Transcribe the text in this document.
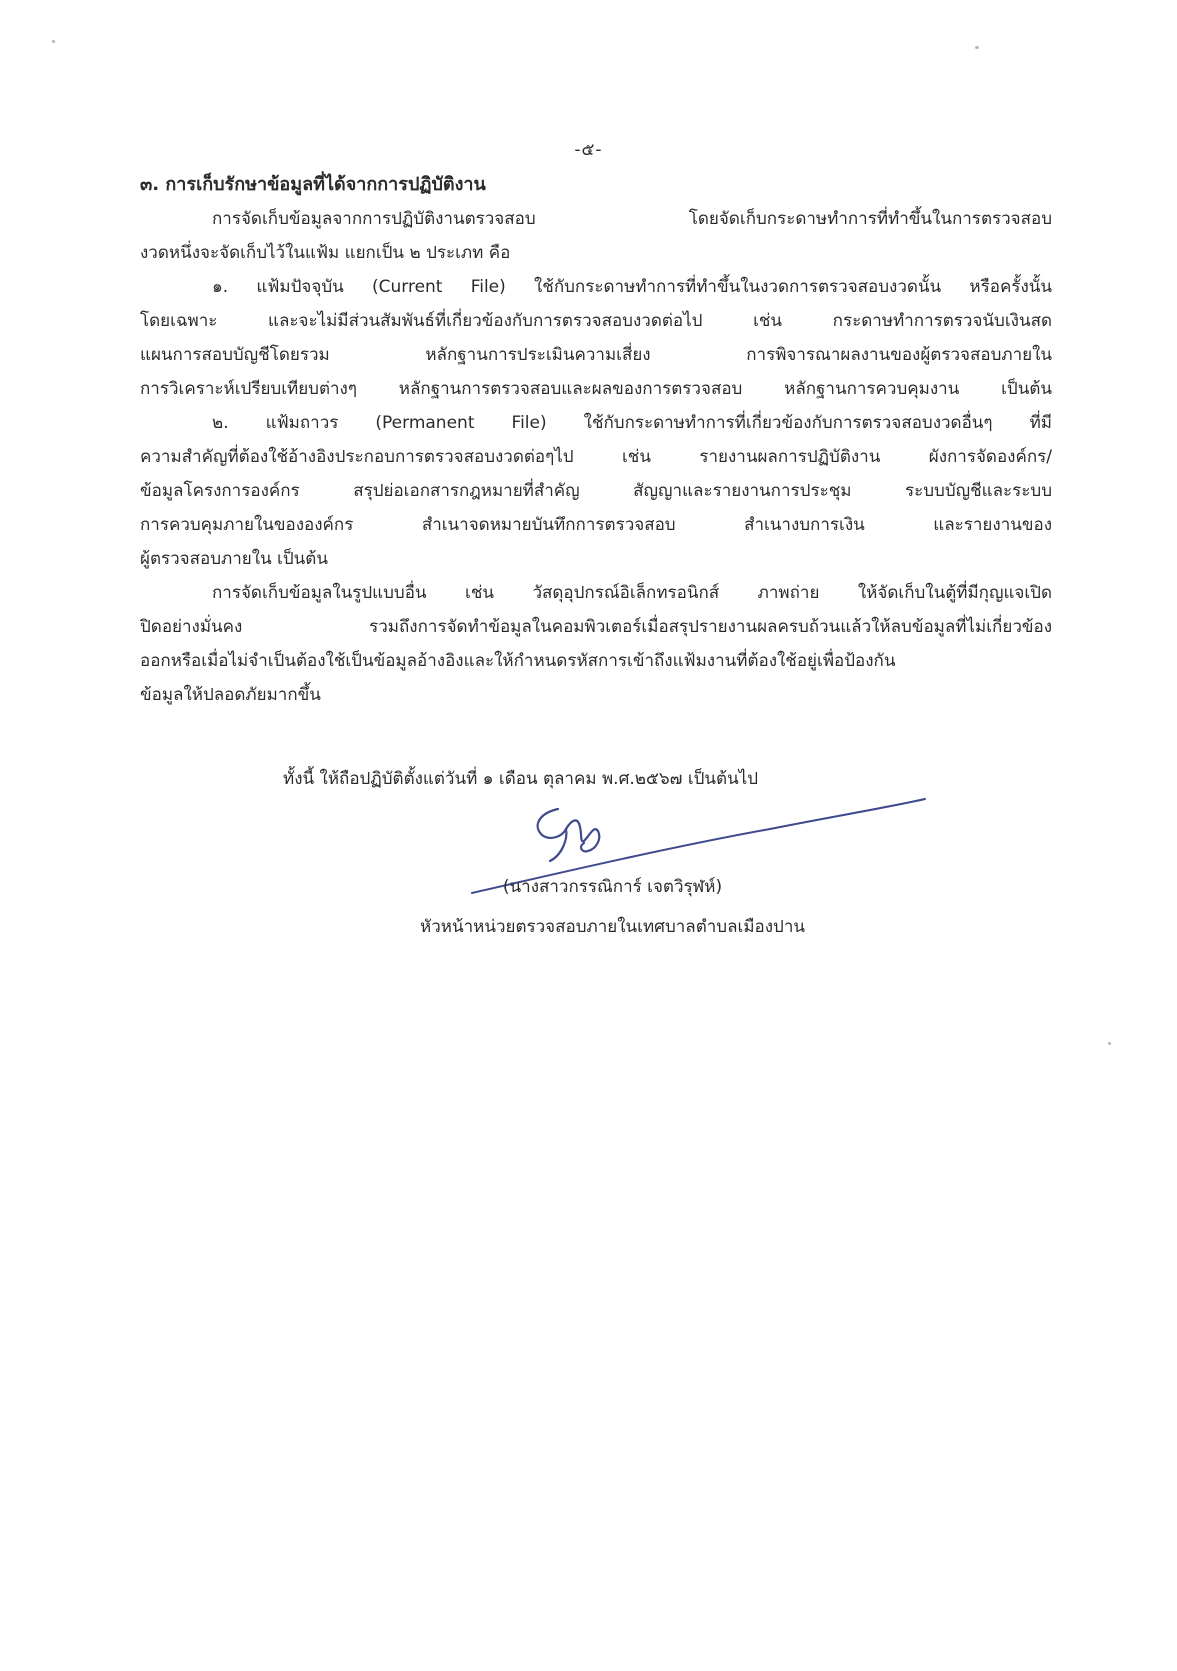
-๕-
๓. การเก็บรักษาข้อมูลที่ได้จากการปฏิบัติงาน
การจัดเก็บข้อมูลจากการปฏิบัติงานตรวจสอบ โดยจัดเก็บกระดาษทำการที่ทำขึ้นในการตรวจสอบ
งวดหนึ่งจะจัดเก็บไว้ในแฟ้ม แยกเป็น ๒ ประเภท คือ
๑. แฟ้มปัจจุบัน (Current File) ใช้กับกระดาษทำการที่ทำขึ้นในงวดการตรวจสอบงวดนั้น หรือครั้งนั้น
โดยเฉพาะ และจะไม่มีส่วนสัมพันธ์ที่เกี่ยวข้องกับการตรวจสอบงวดต่อไป เช่น กระดาษทำการตรวจนับเงินสด
แผนการสอบบัญชีโดยรวม หลักฐานการประเมินความเสี่ยง การพิจารณาผลงานของผู้ตรวจสอบภายใน
การวิเคราะห์เปรียบเทียบต่างๆ หลักฐานการตรวจสอบและผลของการตรวจสอบ หลักฐานการควบคุมงาน เป็นต้น
๒. แฟ้มถาวร (Permanent File) ใช้กับกระดาษทำการที่เกี่ยวข้องกับการตรวจสอบงวดอื่นๆ ที่มี
ความสำคัญที่ต้องใช้อ้างอิงประกอบการตรวจสอบงวดต่อๆไป เช่น รายงานผลการปฏิบัติงาน ผังการจัดองค์กร/
ข้อมูลโครงการองค์กร สรุปย่อเอกสารกฎหมายที่สำคัญ สัญญาและรายงานการประชุม ระบบบัญชีและระบบ
การควบคุมภายในขององค์กร สำเนาจดหมายบันทึกการตรวจสอบ สำเนางบการเงิน และรายงานของ
ผู้ตรวจสอบภายใน เป็นต้น
การจัดเก็บข้อมูลในรูปแบบอื่น เช่น วัสดุอุปกรณ์อิเล็กทรอนิกส์ ภาพถ่าย ให้จัดเก็บในตู้ที่มีกุญแจเปิด
ปิดอย่างมั่นคง รวมถึงการจัดทำข้อมูลในคอมพิวเตอร์เมื่อสรุปรายงานผลครบถ้วนแล้วให้ลบข้อมูลที่ไม่เกี่ยวข้อง
ออกหรือเมื่อไม่จำเป็นต้องใช้เป็นข้อมูลอ้างอิงและให้กำหนดรหัสการเข้าถึงแฟ้มงานที่ต้องใช้อยู่เพื่อป้องกัน
ข้อมูลให้ปลอดภัยมากขึ้น
ทั้งนี้ ให้ถือปฏิบัติตั้งแต่วันที่ ๑ เดือน ตุลาคม พ.ศ.๒๕๖๗ เป็นต้นไป
(นางสาวกรรณิการ์ เจตวิรุฬห์)
หัวหน้าหน่วยตรวจสอบภายในเทศบาลตำบลเมืองปาน
